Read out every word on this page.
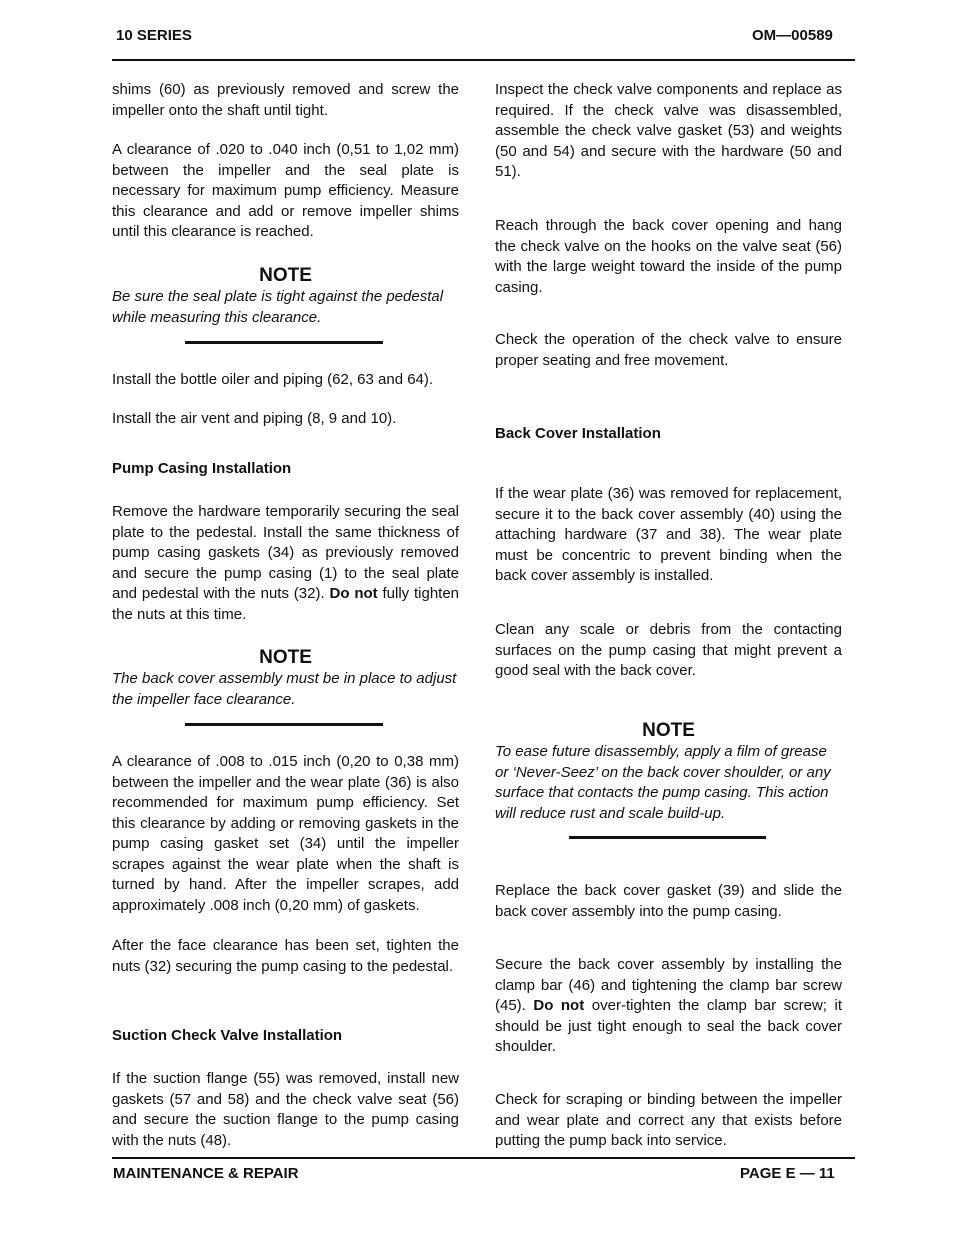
10 SERIES	OM—00589

shims (60) as previously removed and screw the impeller onto the shaft until tight.

A clearance of .020 to .040 inch (0,51 to 1,02 mm) between the impeller and the seal plate is necessary for maximum pump efficiency. Measure this clearance and add or remove impeller shims until this clearance is reached.

NOTE
Be sure the seal plate is tight against the pedestal while measuring this clearance.

Install the bottle oiler and piping (62, 63 and 64).

Install the air vent and piping (8, 9 and 10).

Pump Casing Installation

Remove the hardware temporarily securing the seal plate to the pedestal. Install the same thickness of pump casing gaskets (34) as previously removed and secure the pump casing (1) to the seal plate and pedestal with the nuts (32). Do not fully tighten the nuts at this time.

NOTE
The back cover assembly must be in place to adjust the impeller face clearance.

A clearance of .008 to .015 inch (0,20 to 0,38 mm) between the impeller and the wear plate (36) is also recommended for maximum pump efficiency. Set this clearance by adding or removing gaskets in the pump casing gasket set (34) until the impeller scrapes against the wear plate when the shaft is turned by hand. After the impeller scrapes, add approximately .008 inch (0,20 mm) of gaskets.

After the face clearance has been set, tighten the nuts (32) securing the pump casing to the pedestal.

Suction Check Valve Installation

If the suction flange (55) was removed, install new gaskets (57 and 58) and the check valve seat (56) and secure the suction flange to the pump casing with the nuts (48).

Inspect the check valve components and replace as required. If the check valve was disassembled, assemble the check valve gasket (53) and weights (50 and 54) and secure with the hardware (50 and 51).

Reach through the back cover opening and hang the check valve on the hooks on the valve seat (56) with the large weight toward the inside of the pump casing.

Check the operation of the check valve to ensure proper seating and free movement.

Back Cover Installation

If the wear plate (36) was removed for replacement, secure it to the back cover assembly (40) using the attaching hardware (37 and 38). The wear plate must be concentric to prevent binding when the back cover assembly is installed.

Clean any scale or debris from the contacting surfaces on the pump casing that might prevent a good seal with the back cover.

NOTE
To ease future disassembly, apply a film of grease or ‘Never-Seez’ on the back cover shoulder, or any surface that contacts the pump casing. This action will reduce rust and scale build-up.

Replace the back cover gasket (39) and slide the back cover assembly into the pump casing.

Secure the back cover assembly by installing the clamp bar (46) and tightening the clamp bar screw (45). Do not over-tighten the clamp bar screw; it should be just tight enough to seal the back cover shoulder.

Check for scraping or binding between the impeller and wear plate and correct any that exists before putting the pump back into service.

MAINTENANCE & REPAIR	PAGE E — 11
